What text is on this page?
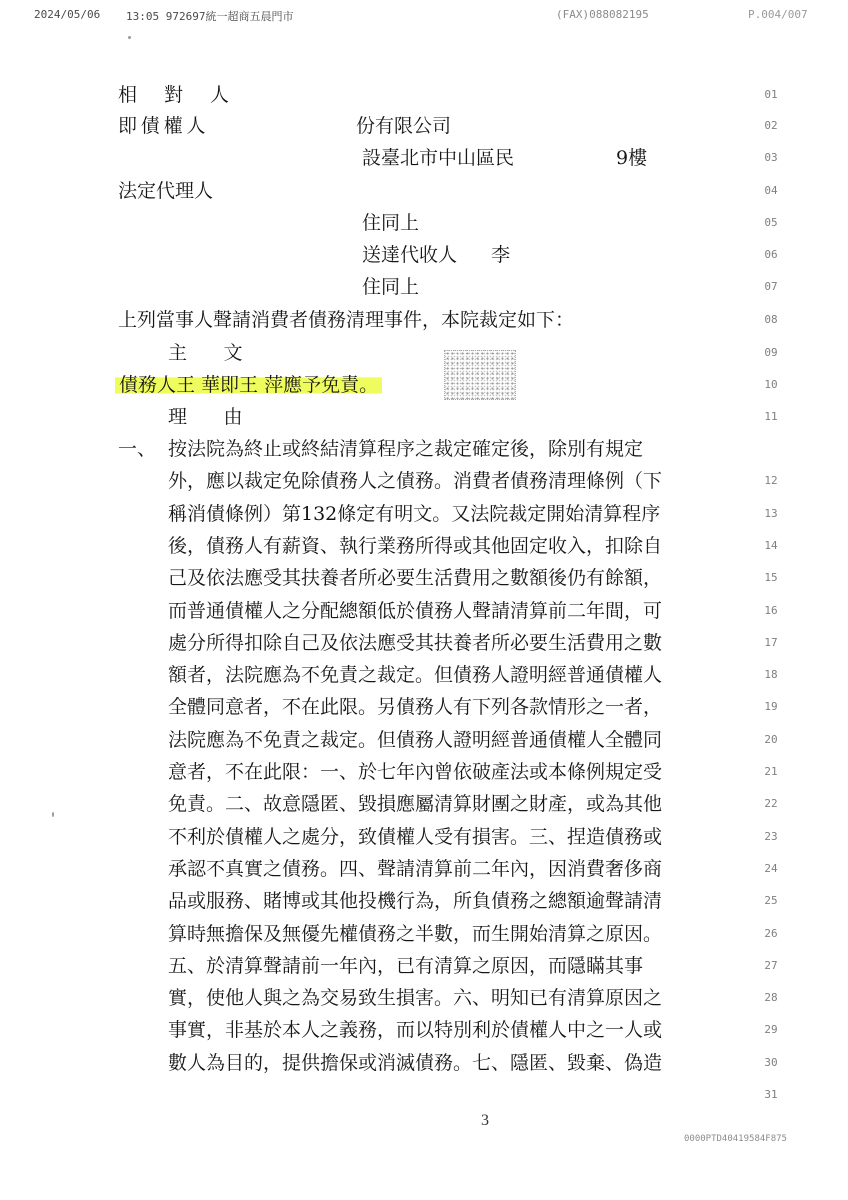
2024/05/06 13:05 972697統一超商五晨門市	(FAX)088082195	P.004/007
相 對 人
即債權人	份有限公司
設臺北市中山區民	9樓
法定代理人
住同上
送達代收人 李
住同上
上列當事人聲請消費者債務清理事件，本院裁定如下：
主 文
債務人王 華即王 萍應予免責。
理 由
一、 按法院為終止或終結清算程序之裁定確定後，除別有規定
外，應以裁定免除債務人之債務。消費者債務清理條例（下
稱消債條例）第132條定有明文。又法院裁定開始清算程序
後，債務人有薪資、執行業務所得或其他固定收入，扣除自
己及依法應受其扶養者所必要生活費用之數額後仍有餘額，
而普通債權人之分配總額低於債務人聲請清算前二年間，可
處分所得扣除自己及依法應受其扶養者所必要生活費用之數
額者，法院應為不免責之裁定。但債務人證明經普通債權人
全體同意者，不在此限。另債務人有下列各款情形之一者，
法院應為不免責之裁定。但債務人證明經普通債權人全體同
意者，不在此限：一、於七年內曾依破產法或本條例規定受
免責。二、故意隱匿、毀損應屬清算財團之財產，或為其他
不利於債權人之處分，致債權人受有損害。三、捏造債務或
承認不真實之債務。四、聲請清算前二年內，因消費奢侈商
品或服務、賭博或其他投機行為，所負債務之總額逾聲請清
算時無擔保及無優先權債務之半數，而生開始清算之原因。
五、於清算聲請前一年內，已有清算之原因，而隱瞞其事
實，使他人與之為交易致生損害。六、明知已有清算原因之
事實，非基於本人之義務，而以特別利於債權人中之一人或
數人為目的，提供擔保或消滅債務。七、隱匿、毀棄、偽造
01
02
03
04
05
06
07
08
09
10
11
12
13
14
15
16
17
18
19
20
21
22
23
24
25
26
27
28
29
30
31
3
0000PTD40419584F875
